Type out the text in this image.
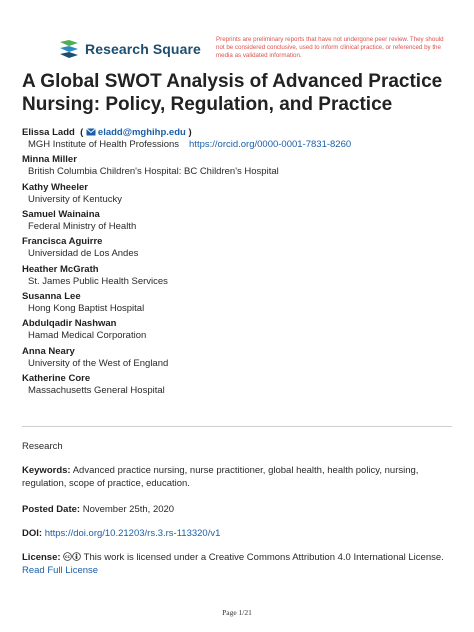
Research Square
Preprints are preliminary reports that have not undergone peer review. They should not be considered conclusive, used to inform clinical practice, or referenced by the media as validated information.
A Global SWOT Analysis of Advanced Practice Nursing: Policy, Regulation, and Practice
Elissa Ladd ( eladd@mghihp.edu )
MGH Institute of Health Professions https://orcid.org/0000-0001-7831-8260
Minna Miller
British Columbia Children's Hospital: BC Children's Hospital
Kathy Wheeler
University of Kentucky
Samuel Wainaina
Federal Ministry of Health
Francisca Aguirre
Universidad de Los Andes
Heather McGrath
St. James Public Health Services
Susanna Lee
Hong Kong Baptist Hospital
Abdulqadir Nashwan
Hamad Medical Corporation
Anna Neary
University of the West of England
Katherine Core
Massachusetts General Hospital
Research
Keywords: Advanced practice nursing, nurse practitioner, global health, health policy, nursing, regulation, scope of practice, education.
Posted Date: November 25th, 2020
DOI: https://doi.org/10.21203/rs.3.rs-113320/v1
License: cc This work is licensed under a Creative Commons Attribution 4.0 International License.
Read Full License
Page 1/21
